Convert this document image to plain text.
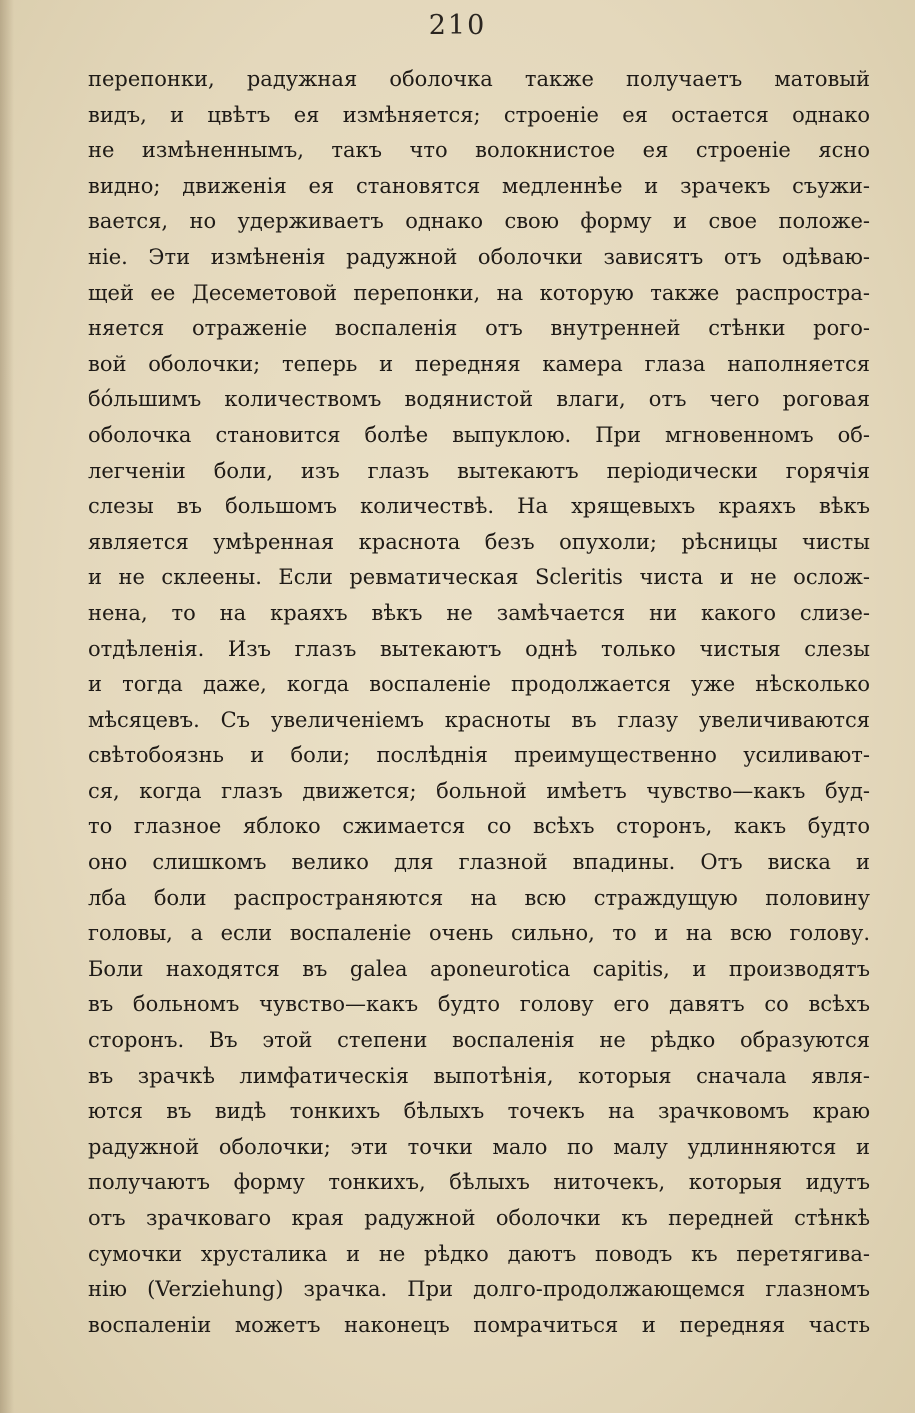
210
перепонки, радужная оболочка также получаетъ матовый
видъ, и цвѣтъ ея измѣняется; строеніе ея остается однако
не измѣненнымъ, такъ что волокнистое ея строеніе ясно
видно; движенія ея становятся медленнѣе и зрачекъ съужи-
вается, но удерживаетъ однако свою форму и свое положе-
ніе. Эти измѣненія радужной оболочки зависятъ отъ одѣваю-
щей ее Десеметовой перепонки, на которую также распростра-
няется отраженіе воспаленія отъ внутренней стѣнки рого-
вой оболочки; теперь и передняя камера глаза наполняется
бо́льшимъ количествомъ водянистой влаги, отъ чего роговая
оболочка становится болѣе выпуклою. При мгновенномъ об-
легченіи боли, изъ глазъ вытекаютъ періодически горячія
слезы въ большомъ количествѣ. На хрящевыхъ краяхъ вѣкъ
является умѣренная краснота безъ опухоли; рѣсницы чисты
и не склеены. Если ревматическая Scleritis чиста и не ослож-
нена, то на краяхъ вѣкъ не замѣчается ни какого слизе-
отдѣленія. Изъ глазъ вытекаютъ однѣ только чистыя слезы
и тогда даже, когда воспаленіе продолжается уже нѣсколько
мѣсяцевъ. Съ увеличеніемъ красноты въ глазу увеличиваются
свѣтобоязнь и боли; послѣднія преимущественно усиливают-
ся, когда глазъ движется; больной имѣетъ чувство—какъ буд-
то глазное яблоко сжимается со всѣхъ сторонъ, какъ будто
оно слишкомъ велико для глазной впадины. Отъ виска и
лба боли распространяются на всю страждущую половину
головы, а если воспаленіе очень сильно, то и на всю голову.
Боли находятся въ galea aponeurotica capitis, и производятъ
въ больномъ чувство—какъ будто голову его давятъ со всѣхъ
сторонъ. Въ этой степени воспаленія не рѣдко образуются
въ зрачкѣ лимфатическія выпотѣнія, которыя сначала явля-
ются въ видѣ тонкихъ бѣлыхъ точекъ на зрачковомъ краю
радужной оболочки; эти точки мало по малу удлинняются и
получаютъ форму тонкихъ, бѣлыхъ ниточекъ, которыя идутъ
отъ зрачковаго края радужной оболочки къ передней стѣнкѣ
сумочки хрусталика и не рѣдко даютъ поводъ къ перетягива-
нію (Verziehung) зрачка. При долго-продолжающемся глазномъ
воспаленіи можетъ наконецъ помрачиться и передняя часть
